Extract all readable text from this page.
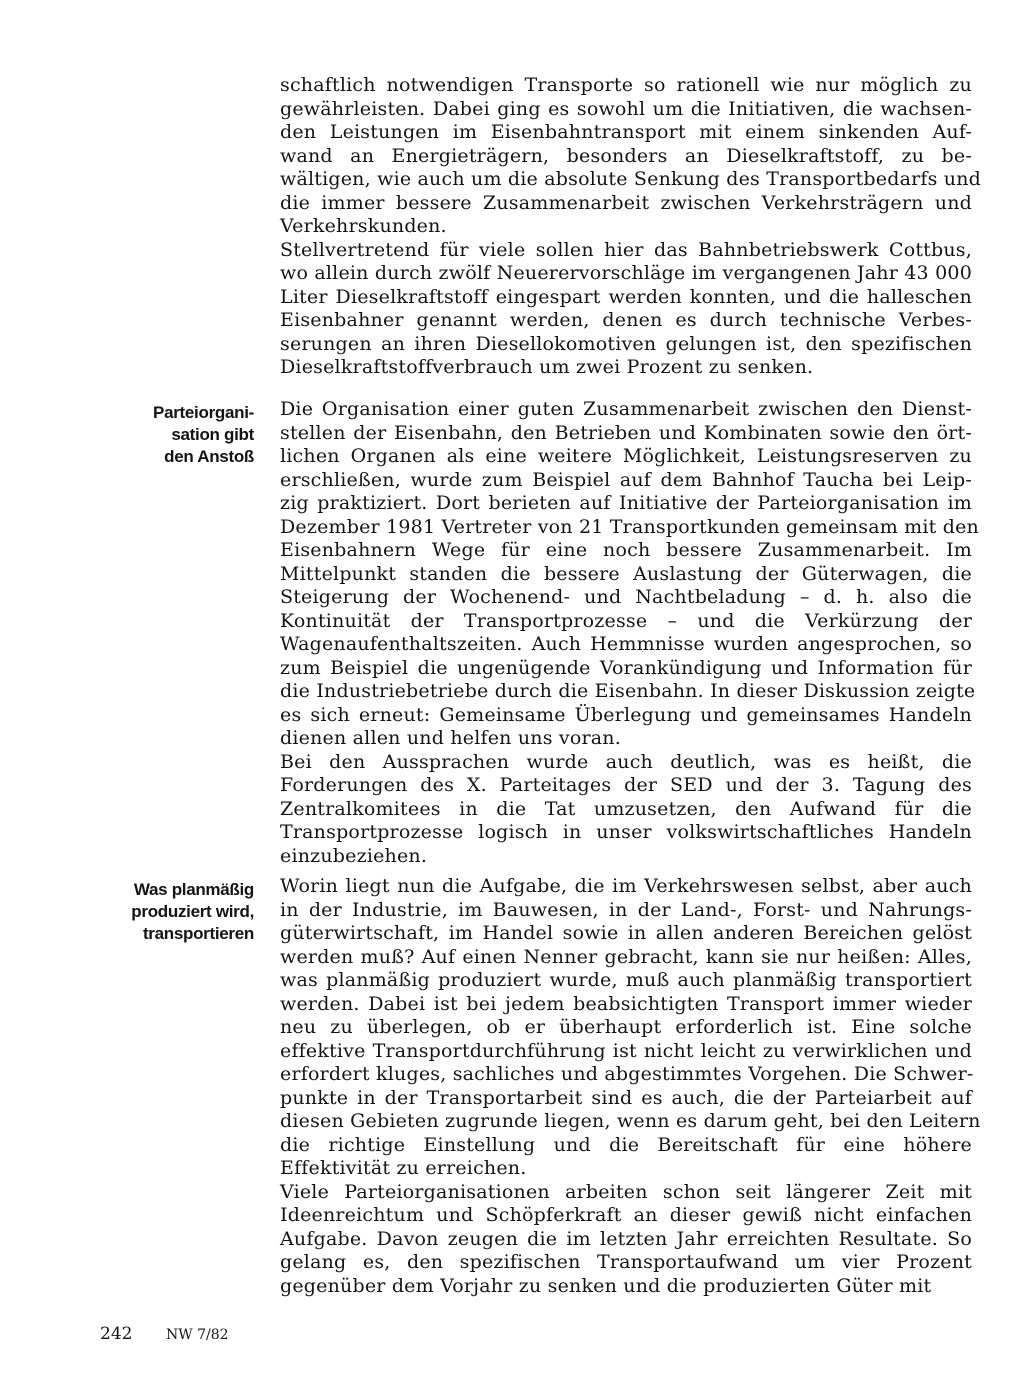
schaftlich notwendigen Transporte so rationell wie nur möglich zu
gewährleisten. Dabei ging es sowohl um die Initiativen, die wachsen-
den Leistungen im Eisenbahntransport mit einem sinkenden Auf-
wand an Energieträgern, besonders an Dieselkraftstoff, zu be-
wältigen, wie auch um die absolute Senkung des Transportbedarfs und
die immer bessere Zusammenarbeit zwischen Verkehrsträgern und
Verkehrskunden.
Stellvertretend für viele sollen hier das Bahnbetriebswerk Cottbus,
wo allein durch zwölf Neuerervorschläge im vergangenen Jahr 43 000
Liter Dieselkraftstoff eingespart werden konnten, und die halleschen
Eisenbahner genannt werden, denen es durch technische Verbes-
serungen an ihren Diesellokomotiven gelungen ist, den spezifischen
Dieselkraftstoffverbrauch um zwei Prozent zu senken.
Die Organisation einer guten Zusammenarbeit zwischen den Dienst-
stellen der Eisenbahn, den Betrieben und Kombinaten sowie den ört-
lichen Organen als eine weitere Möglichkeit, Leistungsreserven zu
erschließen, wurde zum Beispiel auf dem Bahnhof Taucha bei Leip-
zig praktiziert. Dort berieten auf Initiative der Parteiorganisation im
Dezember 1981 Vertreter von 21 Transportkunden gemeinsam mit den
Eisenbahnern Wege für eine noch bessere Zusammenarbeit. Im
Mittelpunkt standen die bessere Auslastung der Güterwagen, die
Steigerung der Wochenend- und Nachtbeladung – d. h. also die
Kontinuität der Transportprozesse – und die Verkürzung der
Wagenaufenthaltszeiten. Auch Hemmnisse wurden angesprochen, so
zum Beispiel die ungenügende Vorankündigung und Information für
die Industriebetriebe durch die Eisenbahn. In dieser Diskussion zeigte
es sich erneut: Gemeinsame Überlegung und gemeinsames Handeln
dienen allen und helfen uns voran.
Bei den Aussprachen wurde auch deutlich, was es heißt, die
Forderungen des X. Parteitages der SED und der 3. Tagung des
Zentralkomitees in die Tat umzusetzen, den Aufwand für die
Transportprozesse logisch in unser volkswirtschaftliches Handeln
einzubeziehen.
Parteiorgani-
sation gibt
den Anstoß
Worin liegt nun die Aufgabe, die im Verkehrswesen selbst, aber auch
in der Industrie, im Bauwesen, in der Land-, Forst- und Nahrungs-
güterwirtschaft, im Handel sowie in allen anderen Bereichen gelöst
werden muß? Auf einen Nenner gebracht, kann sie nur heißen: Alles,
was planmäßig produziert wurde, muß auch planmäßig transportiert
werden. Dabei ist bei jedem beabsichtigten Transport immer wieder
neu zu überlegen, ob er überhaupt erforderlich ist. Eine solche
effektive Transportdurchführung ist nicht leicht zu verwirklichen und
erfordert kluges, sachliches und abgestimmtes Vorgehen. Die Schwer-
punkte in der Transportarbeit sind es auch, die der Parteiarbeit auf
diesen Gebieten zugrunde liegen, wenn es darum geht, bei den Leitern
die richtige Einstellung und die Bereitschaft für eine höhere
Effektivität zu erreichen.
Viele Parteiorganisationen arbeiten schon seit längerer Zeit mit
Ideenreichtum und Schöpferkraft an dieser gewiß nicht einfachen
Aufgabe. Davon zeugen die im letzten Jahr erreichten Resultate. So
gelang es, den spezifischen Transportaufwand um vier Prozent
gegenüber dem Vorjahr zu senken und die produzierten Güter mit
Was planmäßig
produziert wird,
transportieren
242 NW 7/82
